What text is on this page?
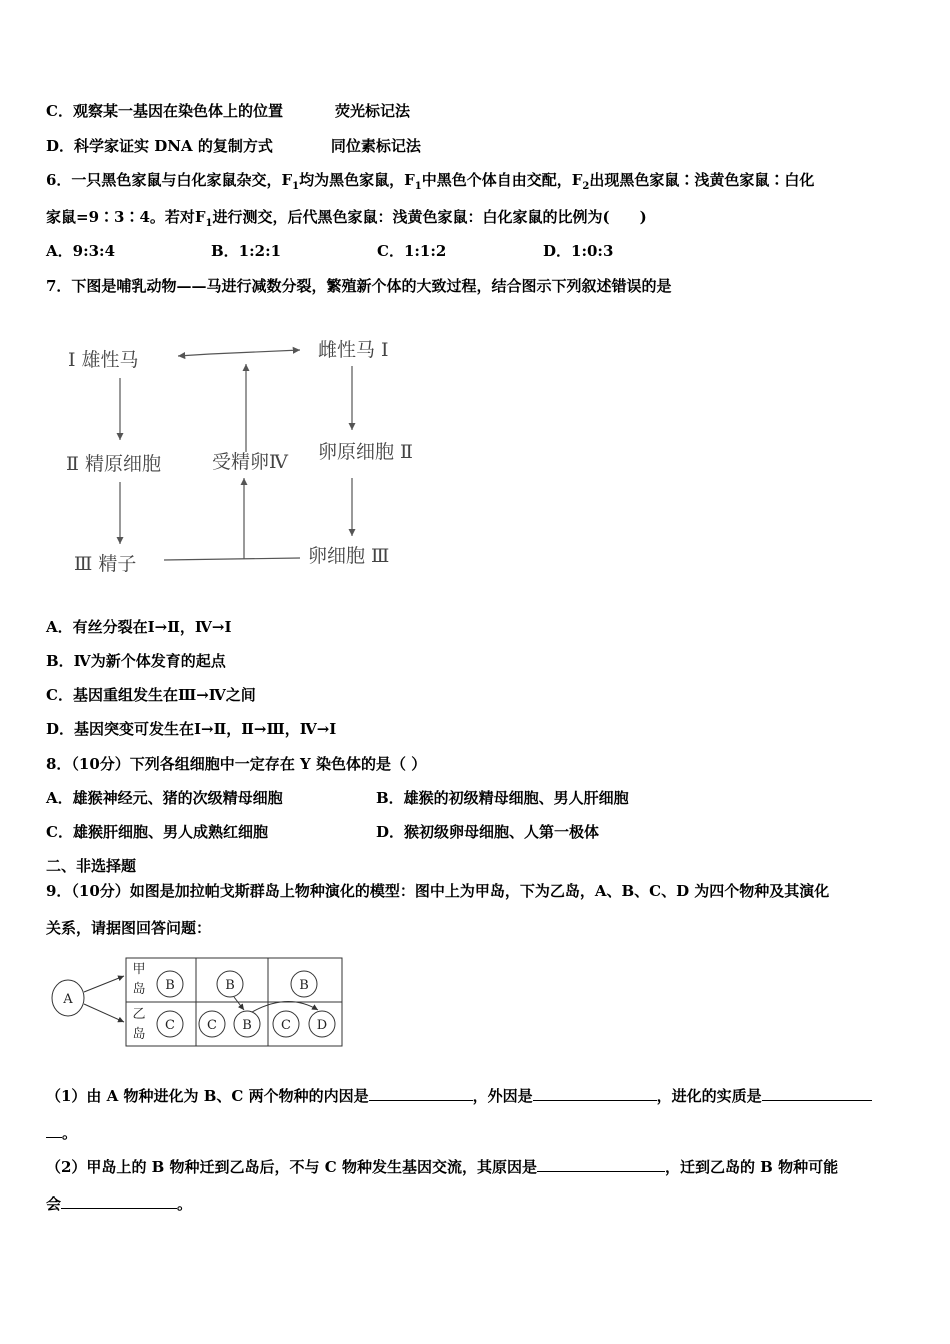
C．观察某一基因在染色体上的位置	荧光标记法
D．科学家证实 DNA 的复制方式	同位素标记法
6．一只黑色家鼠与白化家鼠杂交，$F_1$均为黑色家鼠，$F_1$中黑色个体自由交配，$F_2$出现黑色家鼠∶浅黄色家鼠∶白化
家鼠=9∶3∶4。若对$F_1$进行测交，后代黑色家鼠：浅黄色家鼠：白化家鼠的比例为(　　)
A．9:3:4	B．1:2:1	C．1:1:2	D．1:0:3
7．下图是哺乳动物——马进行减数分裂，繁殖新个体的大致过程，结合图示下列叙述错误的是
Ⅰ 雄性马	雌性马 Ⅰ
Ⅱ 精原细胞	受精卵Ⅳ 卵原细胞 Ⅱ
Ⅲ 精子	卵细胞 Ⅲ
A．有丝分裂在Ⅰ→Ⅱ，Ⅳ→Ⅰ
B．Ⅳ为新个体发育的起点
C．基因重组发生在Ⅲ→Ⅳ之间
D．基因突变可发生在Ⅰ→Ⅱ，Ⅱ→Ⅲ，Ⅳ→Ⅰ
8．（10分）下列各组细胞中一定存在 Y 染色体的是（ ）
A．雄猴神经元、猪的次级精母细胞	B．雄猴的初级精母细胞、男人肝细胞
C．雄猴肝细胞、男人成熟红细胞	D．猴初级卵母细胞、人第一极体
二、非选择题
9．（10分）如图是加拉帕戈斯群岛上物种演化的模型：图中上为甲岛，下为乙岛，A、B、C、D 为四个物种及其演化
关系，请据图回答问题：
A
B
C
B
C B
B
C D
甲
岛
乙
岛
（1）由 A 物种进化为 B、C 两个物种的内因是	，外因是	，进化的实质是
。
（2）甲岛上的 B 物种迁到乙岛后，不与 C 物种发生基因交流，其原因是	，迁到乙岛的 B 物种可能
会	。
